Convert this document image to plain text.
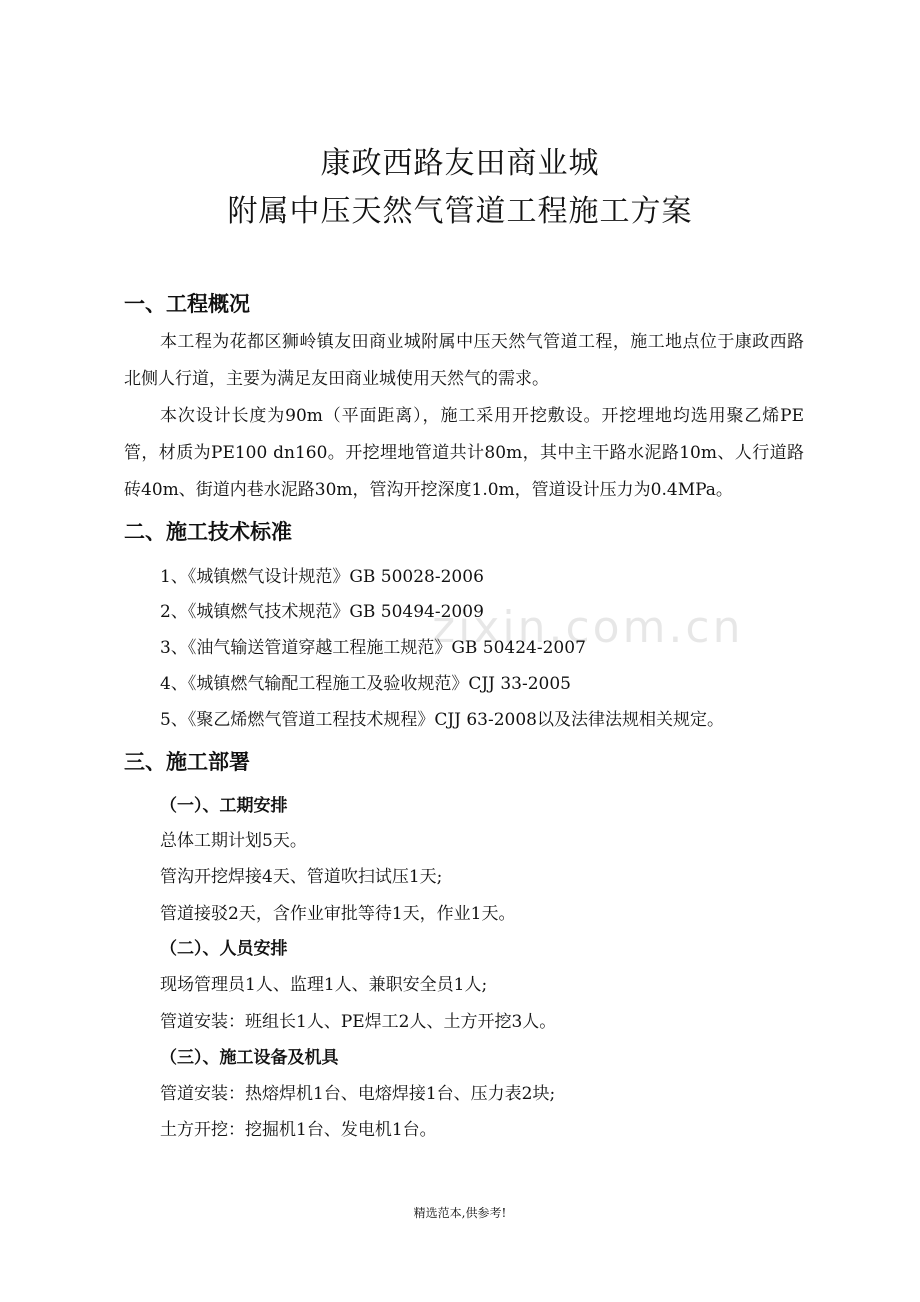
康政西路友田商业城
附属中压天然气管道工程施工方案
一、工程概况

本工程为花都区狮岭镇友田商业城附属中压天然气管道工程，施工地点位于康政西路北侧人行道，主要为满足友田商业城使用天然气的需求。

本次设计长度为90m（平面距离），施工采用开挖敷设。开挖埋地均选用聚乙烯PE管，材质为PE100 dn160。开挖埋地管道共计80m，其中主干路水泥路10m、人行道路砖40m、街道内巷水泥路30m，管沟开挖深度1.0m，管道设计压力为0.4MPa。

二、施工技术标准

1、《城镇燃气设计规范》GB 50028-2006

2、《城镇燃气技术规范》GB 50494-2009

3、《油气输送管道穿越工程施工规范》GB 50424-2007

4、《城镇燃气输配工程施工及验收规范》CJJ 33-2005

5、《聚乙烯燃气管道工程技术规程》CJJ 63-2008以及法律法规相关规定。

三、施工部署
（一）、工期安排

总体工期计划5天。

管沟开挖焊接4天、管道吹扫试压1天;

管道接驳2天，含作业审批等待1天，作业1天。

（二）、人员安排

现场管理员1人、监理1人、兼职安全员1人;

管道安装：班组长1人、PE焊工2人、土方开挖3人。

（三）、施工设备及机具

管道安装：热熔焊机1台、电熔焊接1台、压力表2块;

土方开挖：挖掘机1台、发电机1台。

zixin.com.cn

精选范本,供参考!
